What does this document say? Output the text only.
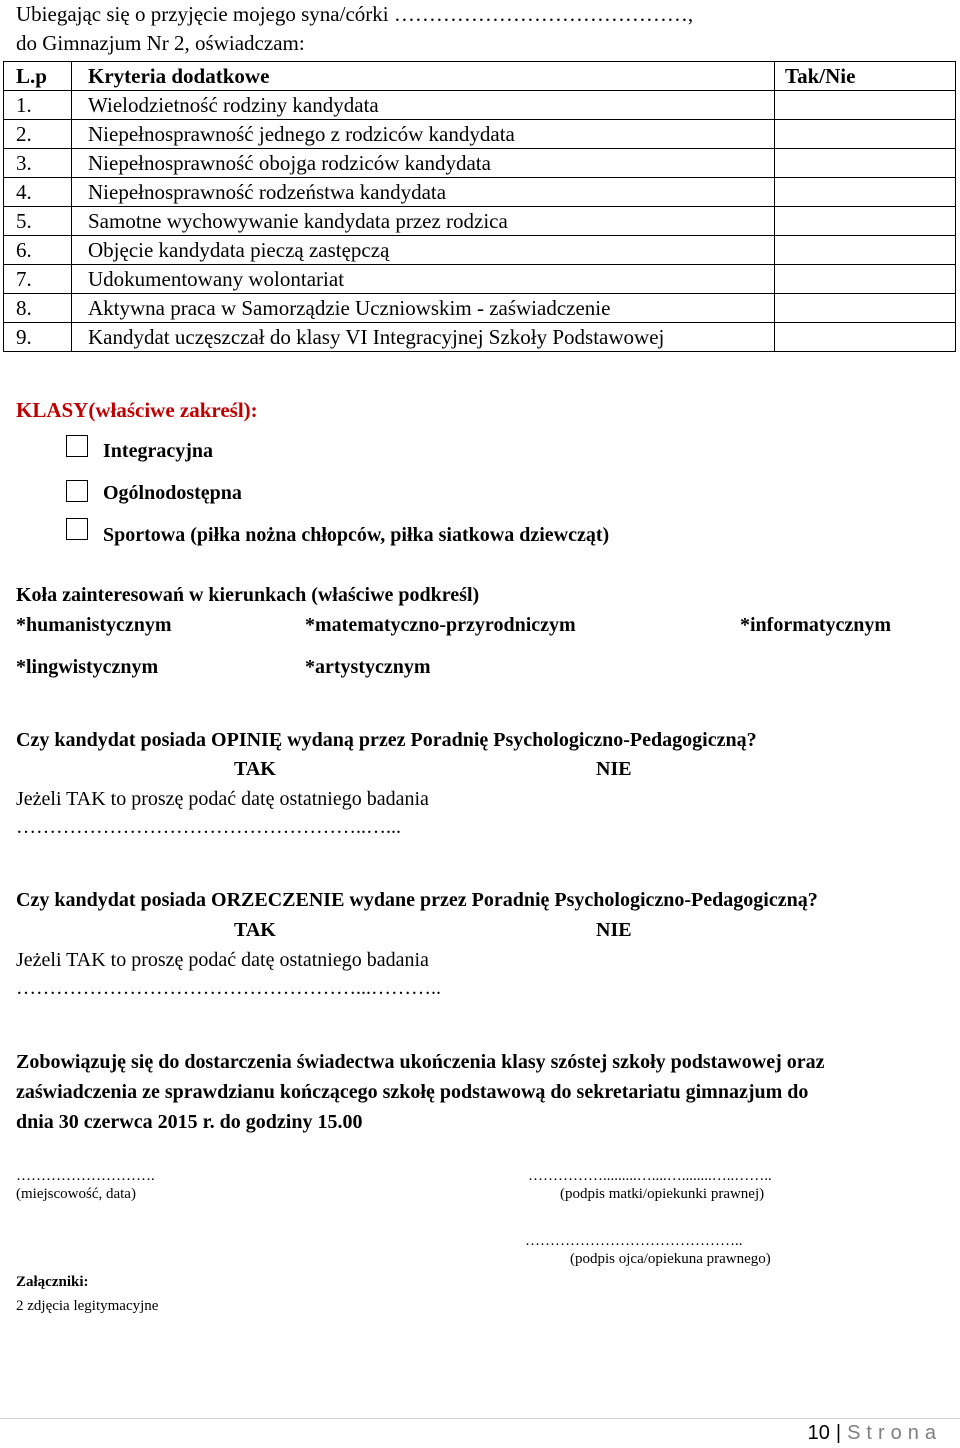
Ubiegając się o przyjęcie mojego syna/córki ……………………………………,
do Gimnazjum Nr 2, oświadczam:
L.p	Kryteria dodatkowe	Tak/Nie
1.	Wielodzietność rodziny kandydata	
2.	Niepełnosprawność jednego z rodziców kandydata	
3.	Niepełnosprawność obojga rodziców kandydata	
4.	Niepełnosprawność rodzeństwa kandydata	
5.	Samotne wychowywanie kandydata przez rodzica	
6.	Objęcie kandydata pieczą zastępczą	
7.	Udokumentowany wolontariat	
8.	Aktywna praca w Samorządzie Uczniowskim - zaświadczenie	
9.	Kandydat uczęszczał do klasy VI Integracyjnej Szkoły Podstawowej	
KLASY(właściwe zakreśl):
Integracyjna
Ogólnodostępna
Sportowa (piłka nożna chłopców, piłka siatkowa dziewcząt)
Koła zainteresowań w kierunkach (właściwe podkreśl)
*humanistycznym	*matematyczno-przyrodniczym	*informatycznym
*lingwistycznym	*artystycznym
Czy kandydat posiada OPINIĘ wydaną przez Poradnię Psychologiczno-Pedagogiczną?
TAK	NIE
Jeżeli TAK to proszę podać datę ostatniego badania
……………………………………………..…...
Czy kandydat posiada ORZECZENIE wydane przez Poradnię Psychologiczno-Pedagogiczną?
TAK	NIE
Jeżeli TAK to proszę podać datę ostatniego badania
……………………………………………...………..
Zobowiązuję się do dostarczenia świadectwa ukończenia klasy szóstej szkoły podstawowej oraz
zaświadczenia ze sprawdzianu kończącego szkołę podstawową do sekretariatu gimnazjum do
dnia 30 czerwca 2015 r. do godziny 15.00
……………………….
(miejscowość, data)
…………….........…....…........…..……..
(podpis matki/opiekunki prawnej)
……………………………………..
(podpis ojca/opiekuna prawnego)
Załączniki:
2 zdjęcia legitymacyjne
10 | Strona
